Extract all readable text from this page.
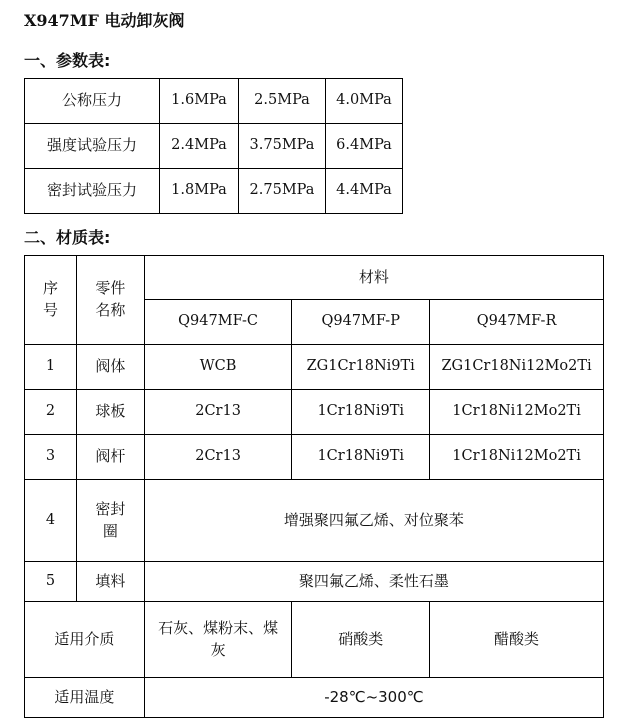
X947MF 电动卸灰阀
一、参数表:
公称压力	1.6MPa	2.5MPa	4.0MPa
强度试验压力	2.4MPa	3.75MPa	6.4MPa
密封试验压力	1.8MPa	2.75MPa	4.4MPa
二、材质表:
序号	零件名称	材料		
		Q947MF-C	Q947MF-P	Q947MF-R
1	阀体	WCB	ZG1Cr18Ni9Ti	ZG1Cr18Ni12Mo2Ti
2	球板	2Cr13	1Cr18Ni9Ti	1Cr18Ni12Mo2Ti
3	阀杆	2Cr13	1Cr18Ni9Ti	1Cr18Ni12Mo2Ti
4	密封圈	增强聚四氟乙烯、对位聚苯		
5	填料	聚四氟乙烯、柔性石墨		
适用介质		石灰、煤粉末、煤灰	硝酸类	醋酸类
适用温度		-28℃~300℃		
